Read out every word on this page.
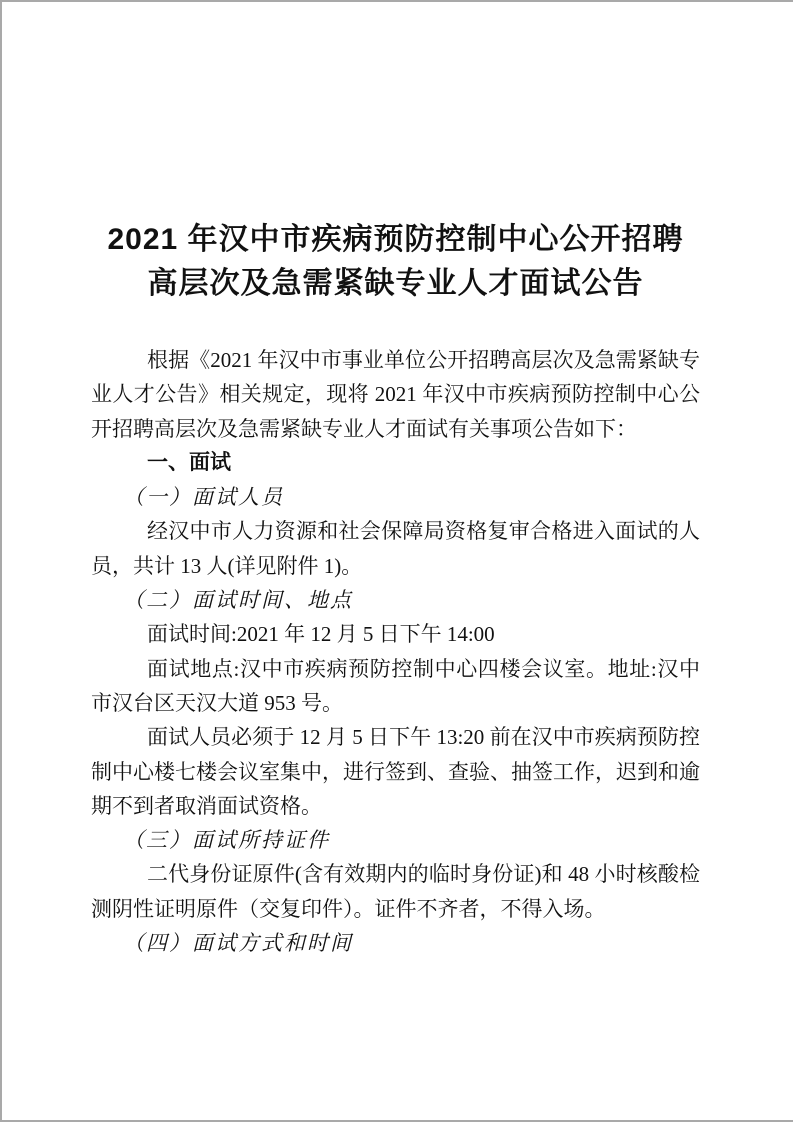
2021 年汉中市疾病预防控制中心公开招聘
高层次及急需紧缺专业人才面试公告

根据《2021 年汉中市事业单位公开招聘高层次及急需紧缺专业人才公告》相关规定，现将 2021 年汉中市疾病预防控制中心公开招聘高层次及急需紧缺专业人才面试有关事项公告如下：

一、面试

（一）面试人员

经汉中市人力资源和社会保障局资格复审合格进入面试的人员，共计 13 人(详见附件 1)。

（二）面试时间、地点

面试时间:2021 年 12 月 5 日下午 14:00

面试地点:汉中市疾病预防控制中心四楼会议室。地址:汉中市汉台区天汉大道 953 号。

面试人员必须于 12 月 5 日下午 13:20 前在汉中市疾病预防控制中心楼七楼会议室集中，进行签到、查验、抽签工作，迟到和逾期不到者取消面试资格。

（三）面试所持证件

二代身份证原件(含有效期内的临时身份证)和 48 小时核酸检测阴性证明原件（交复印件）。证件不齐者，不得入场。

（四）面试方式和时间
